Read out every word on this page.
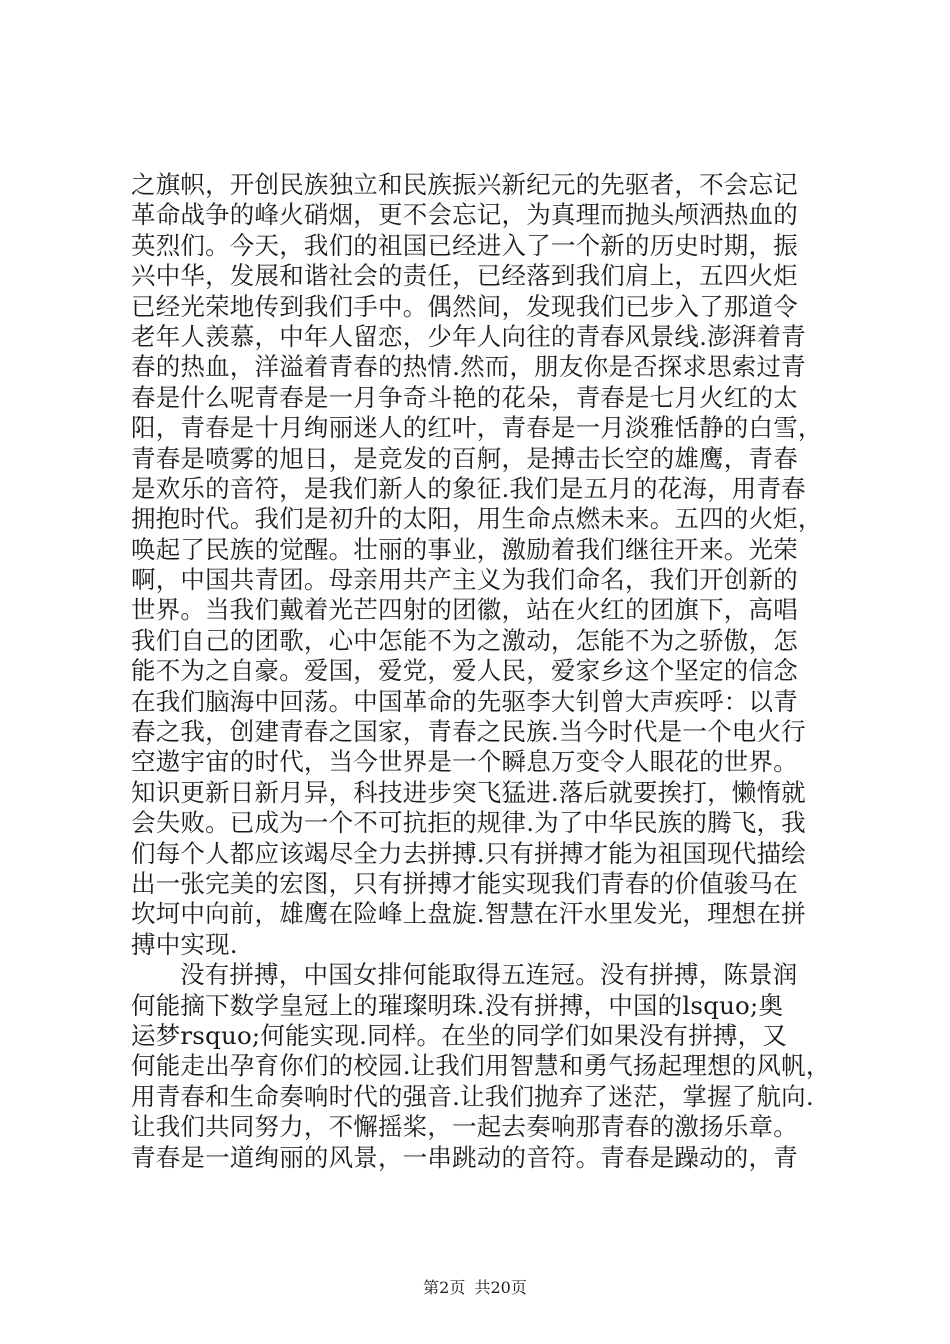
之旗帜，开创民族独立和民族振兴新纪元的先驱者，不会忘记
革命战争的峰火硝烟，更不会忘记，为真理而抛头颅洒热血的
英烈们。今天，我们的祖国已经进入了一个新的历史时期，振
兴中华，发展和谐社会的责任，已经落到我们肩上，五四火炬
已经光荣地传到我们手中。偶然间，发现我们已步入了那道令
老年人羡慕，中年人留恋，少年人向往的青春风景线.澎湃着青
春的热血，洋溢着青春的热情.然而，朋友你是否探求思索过青
春是什么呢青春是一月争奇斗艳的花朵，青春是七月火红的太
阳，青春是十月绚丽迷人的红叶，青春是一月淡雅恬静的白雪，
青春是喷雾的旭日，是竞发的百舸，是搏击长空的雄鹰，青春
是欢乐的音符，是我们新人的象征.我们是五月的花海，用青春
拥抱时代。我们是初升的太阳，用生命点燃未来。五四的火炬，
唤起了民族的觉醒。壮丽的事业，激励着我们继往开来。光荣
啊，中国共青团。母亲用共产主义为我们命名，我们开创新的
世界。当我们戴着光芒四射的团徽，站在火红的团旗下，高唱
我们自己的团歌，心中怎能不为之激动，怎能不为之骄傲，怎
能不为之自豪。爱国，爱党，爱人民，爱家乡这个坚定的信念
在我们脑海中回荡。中国革命的先驱李大钊曾大声疾呼：以青
春之我，创建青春之国家，青春之民族.当今时代是一个电火行
空遨宇宙的时代，当今世界是一个瞬息万变令人眼花的世界。
知识更新日新月异，科技进步突飞猛进.落后就要挨打，懒惰就
会失败。已成为一个不可抗拒的规律.为了中华民族的腾飞，我
们每个人都应该竭尽全力去拼搏.只有拼搏才能为祖国现代描绘
出一张完美的宏图，只有拼搏才能实现我们青春的价值骏马在
坎坷中向前，雄鹰在险峰上盘旋.智慧在汗水里发光，理想在拼
搏中实现.
没有拼搏，中国女排何能取得五连冠。没有拼搏，陈景润
何能摘下数学皇冠上的璀璨明珠.没有拼搏，中国的lsquo;奥
运梦rsquo;何能实现.同样。在坐的同学们如果没有拼搏，又
何能走出孕育你们的校园.让我们用智慧和勇气扬起理想的风帆，
用青春和生命奏响时代的强音.让我们抛弃了迷茫，掌握了航向.
让我们共同努力，不懈摇桨，一起去奏响那青春的激扬乐章。
青春是一道绚丽的风景，一串跳动的音符。青春是躁动的，青
第2页 共20页
